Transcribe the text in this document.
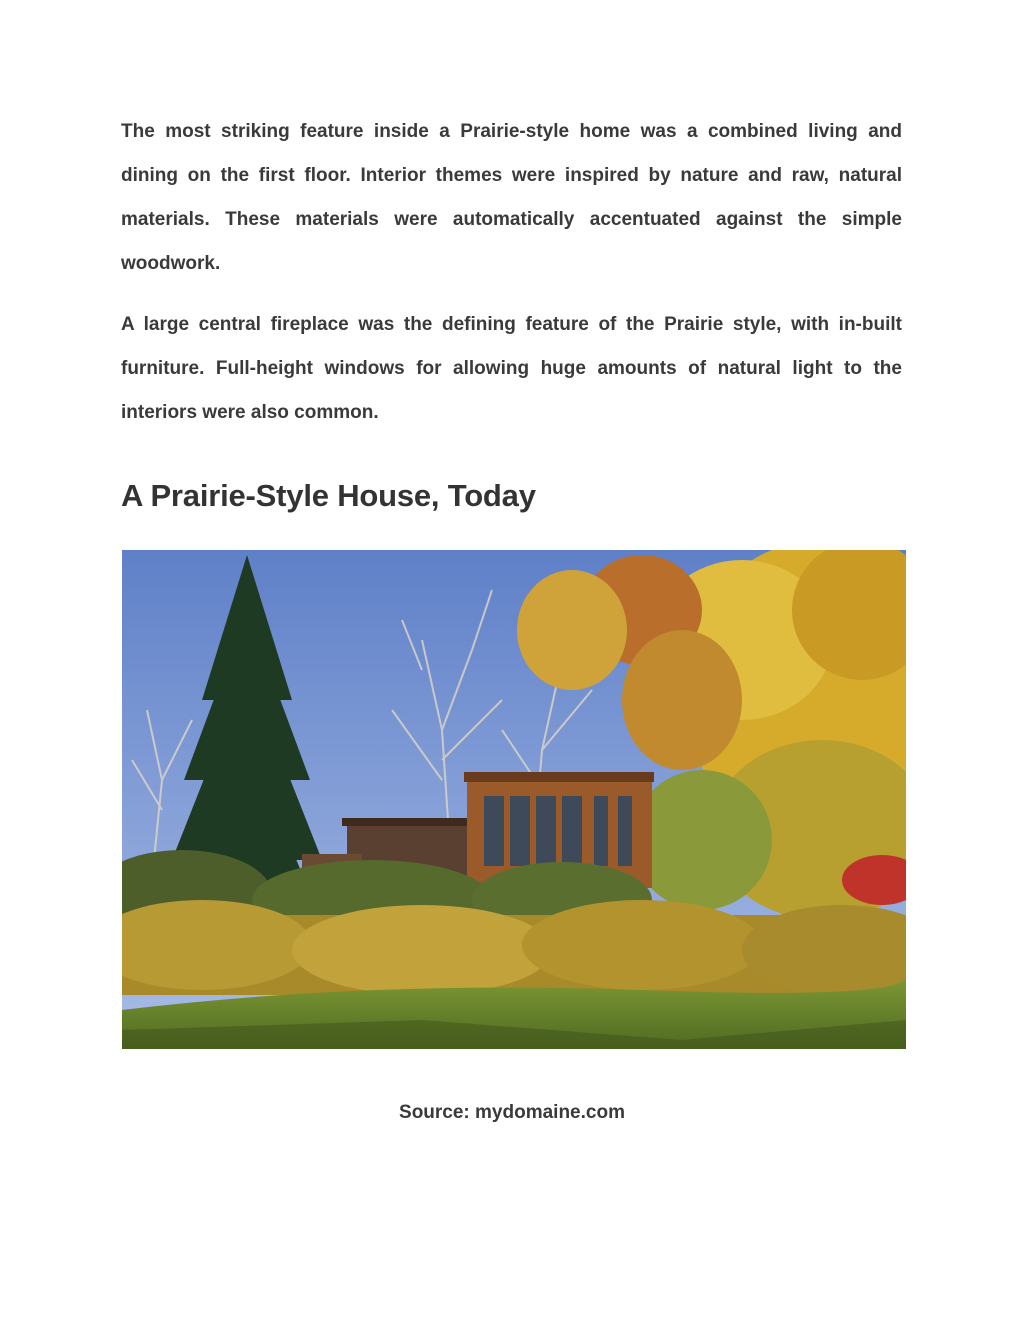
The most striking feature inside a Prairie-style home was a combined living and dining on the first floor. Interior themes were inspired by nature and raw, natural materials. These materials were automatically accentuated against the simple woodwork.

A large central fireplace was the defining feature of the Prairie style, with in-built furniture. Full-height windows for allowing huge amounts of natural light to the interiors were also common.

A Prairie-Style House, Today

Source: mydomaine.com
